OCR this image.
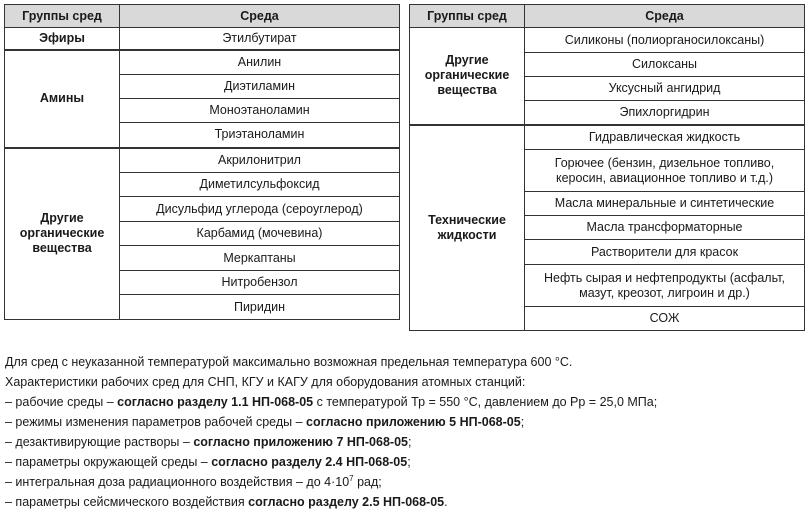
Группы сред	Среда
Эфиры	Этилбутират
Амины	Анилин
	Диэтиламин
	Моноэтаноламин
	Триэтаноламин
Другие органические вещества	Акрилонитрил
	Диметилсульфоксид
	Дисульфид углерода (сероуглерод)
	Карбамид (мочевина)
	Меркаптаны
	Нитробензол
	Пиридин
Группы сред	Среда
Другие органические вещества	Силиконы (полиорганосилоксаны)
	Силоксаны
	Уксусный ангидрид
	Эпихлоргидрин
Технические жидкости	Гидравлическая жидкость
	Горючее (бензин, дизельное топливо, керосин, авиационное топливо и т.д.)
	Масла минеральные и синтетические
	Масла трансформаторные
	Растворители для красок
	Нефть сырая и нефтепродукты (асфальт, мазут, креозот, лигроин и др.)
	СОЖ

Для сред с неуказанной температурой максимально возможная предельная температура 600 °С.

Характеристики рабочих сред для СНП, КГУ и КАГУ для оборудования атомных станций:

– рабочие среды – согласно разделу 1.1 НП-068-05 с температурой Тр = 550 °С, давлением до Рр = 25,0 МПа;

– режимы изменения параметров рабочей среды – согласно приложению 5 НП-068-05;

– дезактивирующие растворы – согласно приложению 7 НП-068-05;

– параметры окружающей среды – согласно разделу 2.4 НП-068-05;

– интегральная доза радиационного воздействия – до $4\cdot 10^7$ рад;

– параметры сейсмического воздействия согласно разделу 2.5 НП-068-05.
